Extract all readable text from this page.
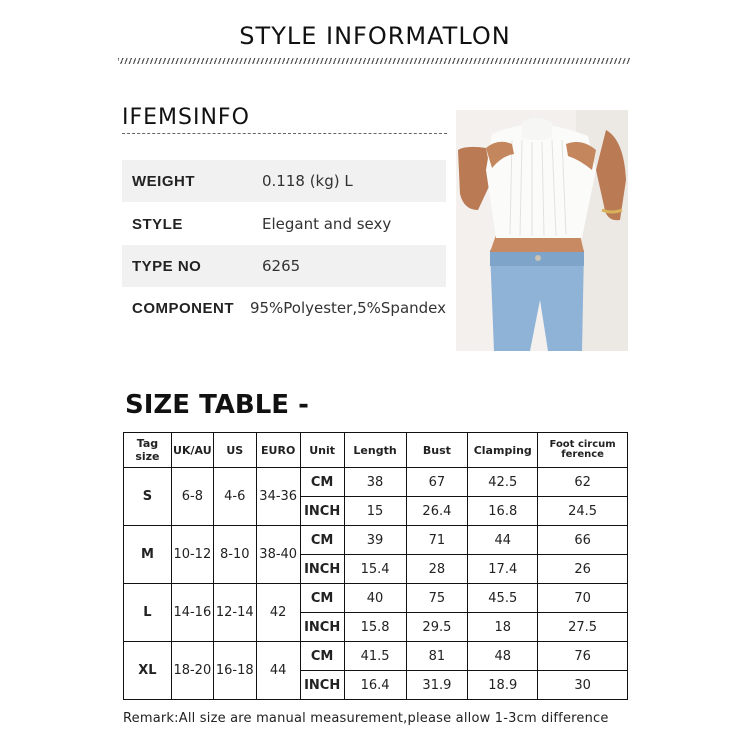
STYLE INFORMATLON
IFEMSINFO
WEIGHT	0.118 (kg) L
STYLE	Elegant and sexy
TYPE NO	6265
COMPONENT	95%Polyester,5%Spandex
SIZE TABLE -
Tag size	UK/AU	US	EURO	Unit	Length	Bust	Clamping	Foot circum ference
S	6-8	4-6	34-36	CM	38	67	42.5	62
				INCH	15	26.4	16.8	24.5
M	10-12	8-10	38-40	CM	39	71	44	66
				INCH	15.4	28	17.4	26
L	14-16	12-14	42	CM	40	75	45.5	70
				INCH	15.8	29.5	18	27.5
XL	18-20	16-18	44	CM	41.5	81	48	76
				INCH	16.4	31.9	18.9	30
Remark:All size are manual measurement,please allow 1-3cm difference
